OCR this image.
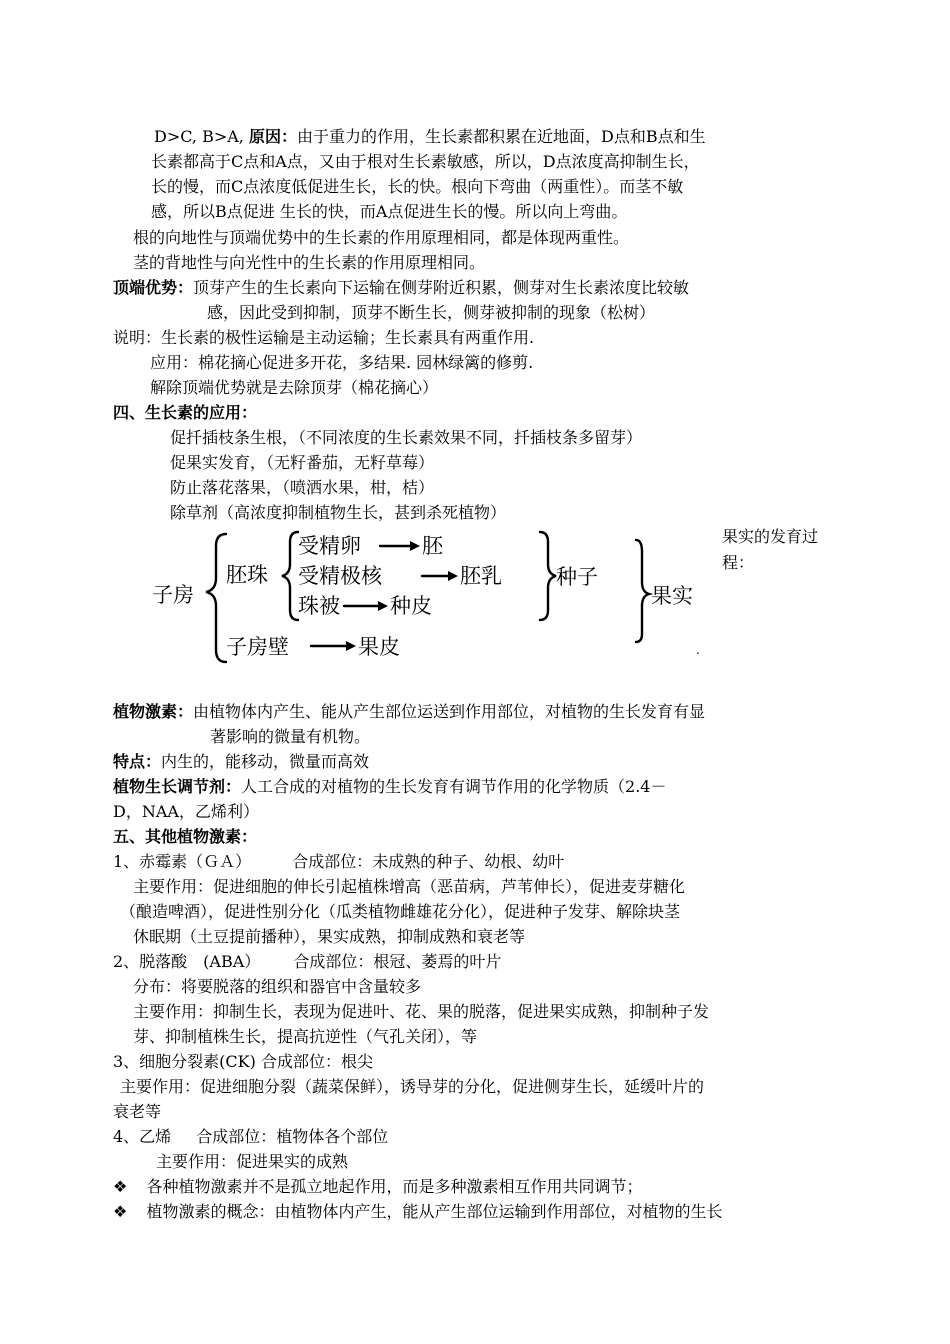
D>C, B>A, 原因：由于重力的作用，生长素都积累在近地面，D点和B点和生
长素都高于C点和A点，又由于根对生长素敏感，所以，D点浓度高抑制生长，
长的慢，而C点浓度低促进生长，长的快。根向下弯曲（两重性）。而茎不敏
感，所以B点促进 生长的快，而A点促进生长的慢。所以向上弯曲。
根的向地性与顶端优势中的生长素的作用原理相同，都是体现两重性。
茎的背地性与向光性中的生长素的作用原理相同。
顶端优势：顶芽产生的生长素向下运输在侧芽附近积累，侧芽对生长素浓度比较敏
感，因此受到抑制，顶芽不断生长，侧芽被抑制的现象（松树）
说明：生长素的极性运输是主动运输；生长素具有两重作用.
应用：棉花摘心促进多开花，多结果. 园林绿篱的修剪.
解除顶端优势就是去除顶芽（棉花摘心）
四、生长素的应用：
促扦插枝条生根，（不同浓度的生长素效果不同，扦插枝条多留芽）
促果实发育，（无籽番茄，无籽草莓）
防止落花落果，（喷洒水果，柑，桔）
除草剂（高浓度抑制植物生长，甚到杀死植物）
子房
胚珠
受精卵	胚
受精极核	胚乳
珠被 种皮
种子
果实
子房壁	果皮	.
果实的发育过程：
植物激素：由植物体内产生、能从产生部位运送到作用部位，对植物的生长发育有显
著影响的微量有机物。
特点：内生的，能移动，微量而高效
植物生长调节剂：人工合成的对植物的生长发育有调节作用的化学物质（2.4－
D，NAA，乙烯利）
五、其他植物激素：
1、赤霉素（ＧＡ）	合成部位：未成熟的种子、幼根、幼叶
主要作用：促进细胞的伸长引起植株增高（恶苗病，芦苇伸长），促进麦芽糖化
（酿造啤酒），促进性别分化（瓜类植物雌雄花分化），促进种子发芽、解除块茎
休眠期（土豆提前播种），果实成熟，抑制成熟和衰老等
2、脱落酸　(ABA） 合成部位：根冠、萎焉的叶片
分布：将要脱落的组织和器官中含量较多
主要作用：抑制生长，表现为促进叶、花、果的脱落，促进果实成熟，抑制种子发
芽、抑制植株生长，提高抗逆性（气孔关闭），等
3、细胞分裂素(CK) 合成部位：根尖
主要作用：促进细胞分裂（蔬菜保鲜），诱导芽的分化，促进侧芽生长，延缓叶片的
衰老等
4、乙烯 合成部位：植物体各个部位
主要作用：促进果实的成熟
❖ 各种植物激素并不是孤立地起作用，而是多种激素相互作用共同调节；
❖ 植物激素的概念：由植物体内产生，能从产生部位运输到作用部位，对植物的生长
